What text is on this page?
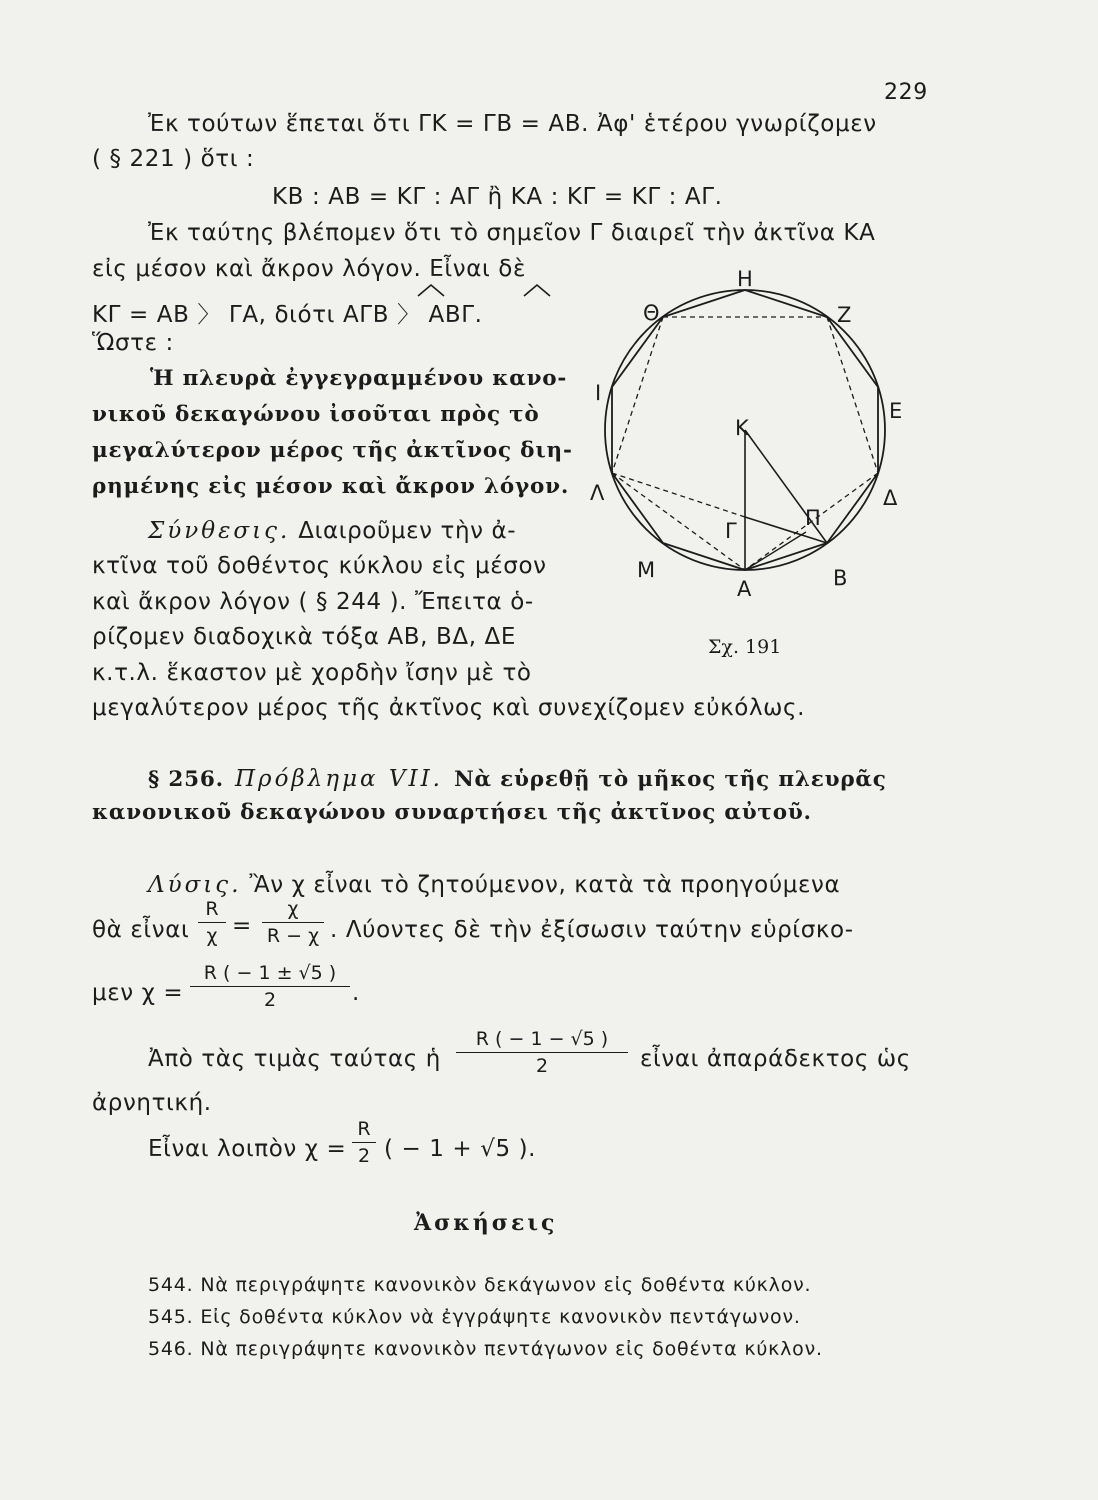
229
Ἐκ τούτων ἕπεται ὅτι ΓΚ = ΓΒ = ΑΒ. Ἀφ' ἑτέρου γνωρίζομεν
( § 221 ) ὅτι :
ΚΒ : ΑΒ = ΚΓ : ΑΓ ἢ ΚΑ : ΚΓ = ΚΓ : ΑΓ.
Ἐκ ταύτης βλέπομεν ὅτι τὸ σημεῖον Γ διαιρεῖ τὴν ἀκτῖνα ΚΑ
εἰς μέσον καὶ ἄκρον λόγον. Εἶναι δὲ
ΚΓ = ΑΒ 〉 ΓΑ, διότι ΑΓΒ 〉 ΑΒΓ.
Ὥστε :
Ἡ πλευρὰ ἐγγεγραμμένου κανο-
νικοῦ δεκαγώνου ἰσοῦται πρὸς τὸ
μεγαλύτερον μέρος τῆς ἀκτῖνος διη-
ρημένης εἰς μέσον καὶ ἄκρον λόγον.
Σύνθεσις. Διαιροῦμεν τὴν ἀ-
κτῖνα τοῦ δοθέντος κύκλου εἰς μέσον
καὶ ἄκρον λόγον ( § 244 ). Ἔπειτα ὁ-
ρίζομεν διαδοχικὰ τόξα ΑΒ, ΒΔ, ΔΕ
κ.τ.λ. ἕκαστον μὲ χορδὴν ἴσην μὲ τὸ
μεγαλύτερον μέρος τῆς ἀκτῖνος καὶ συνεχίζομεν εὐκόλως.
Η
Θ	Ζ
Ι
Ε
Κ
Λ	Δ
Π
Γ
Μ	Β
Α
Σχ. 191
§ 256. Πρόβλημα VII. Νὰ εὑρεθῇ τὸ μῆκος τῆς πλευρᾶς
κανονικοῦ δεκαγώνου συναρτήσει τῆς ἀκτῖνος αὐτοῦ.
Λύσις. Ἂν χ εἶναι τὸ ζητούμενον, κατὰ τὰ προηγούμενα
θὰ εἶναι
R
χ =
χ
R − χ . Λύοντες δὲ τὴν ἐξίσωσιν ταύτην εὑρίσκο-
μεν χ =
R ( − 1 ± √5 )
2	.
Ἀπὸ τὰς τιμὰς ταύτας ἡ
R ( − 1 − √5 )
2	εἶναι ἀπαράδεκτος ὡς
ἀρνητική.
Εἶναι λοιπὸν χ =
R
2 ( − 1 + √5 ).
Ἀσκήσεις
544. Νὰ περιγράψητε κανονικὸν δεκάγωνον εἰς δοθέντα κύκλον.
545. Εἰς δοθέντα κύκλον νὰ ἐγγράψητε κανονικὸν πεντάγωνον.
546. Νὰ περιγράψητε κανονικὸν πεντάγωνον εἰς δοθέντα κύκλον.
